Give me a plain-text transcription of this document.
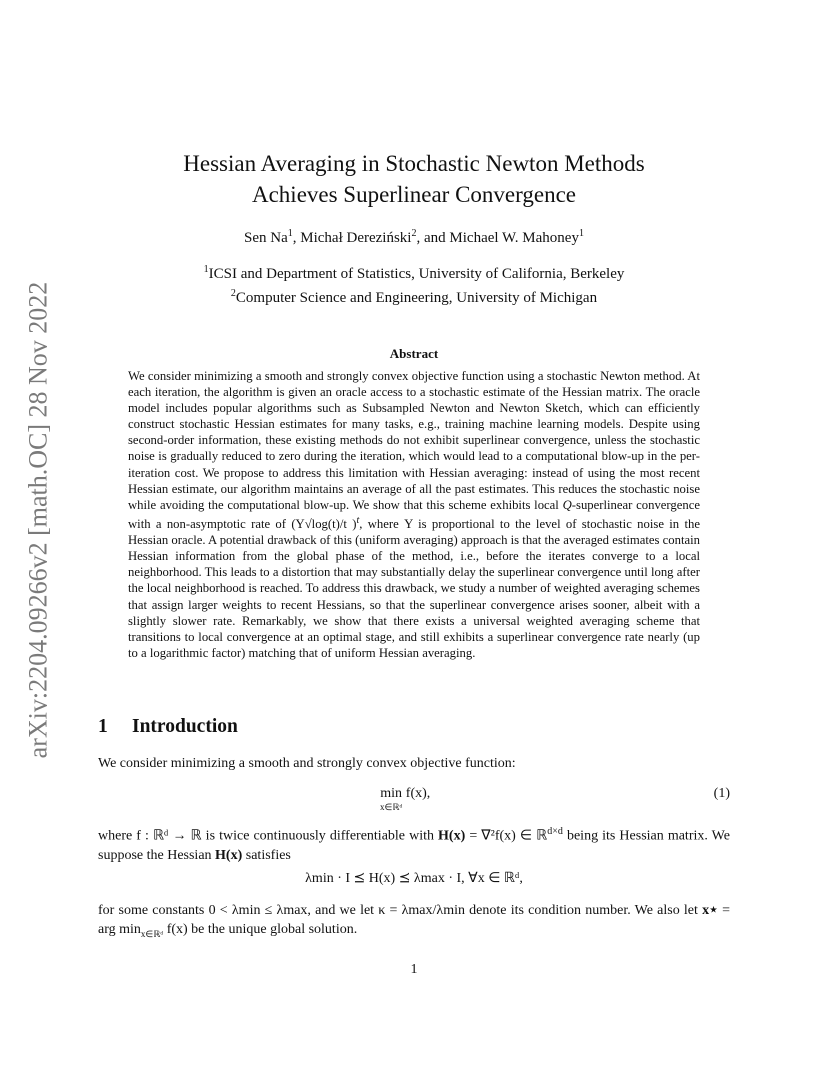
arXiv:2204.09266v2 [math.OC] 28 Nov 2022
Hessian Averaging in Stochastic Newton Methods
Achieves Superlinear Convergence
Sen Na$^1$, Michał Dereziński$^2$, and Michael W. Mahoney$^1$
$^1$ICSI and Department of Statistics, University of California, Berkeley
$^2$Computer Science and Engineering, University of Michigan
Abstract
We consider minimizing a smooth and strongly convex objective function using a stochastic Newton method. At each iteration, the algorithm is given an oracle access to a stochastic estimate of the Hessian matrix. The oracle model includes popular algorithms such as Subsampled Newton and Newton Sketch, which can efficiently construct stochastic Hessian estimates for many tasks, e.g., training machine learning models. Despite using second-order information, these existing methods do not exhibit superlinear convergence, unless the stochastic noise is gradually reduced to zero during the iteration, which would lead to a computational blow-up in the per-iteration cost. We propose to address this limitation with Hessian averaging: instead of using the most recent Hessian estimate, our algorithm maintains an average of all the past estimates. This reduces the stochastic noise while avoiding the computational blow-up. We show that this scheme exhibits local Q-superlinear convergence with a non-asymptotic rate of (Υ√log(t)/t )$^t$, where Υ is proportional to the level of stochastic noise in the Hessian oracle. A potential drawback of this (uniform averaging) approach is that the averaged estimates contain Hessian information from the global phase of the method, i.e., before the iterates converge to a local neighborhood. This leads to a distortion that may substantially delay the superlinear convergence until long after the local neighborhood is reached. To address this drawback, we study a number of weighted averaging schemes that assign larger weights to recent Hessians, so that the superlinear convergence arises sooner, albeit with a slightly slower rate. Remarkably, we show that there exists a universal weighted averaging scheme that transitions to local convergence at an optimal stage, and still exhibits a superlinear convergence rate nearly (up to a logarithmic factor) matching that of uniform Hessian averaging.
1 Introduction
We consider minimizing a smooth and strongly convex objective function:
min
x∈ℝᵈ
f(x),	(1)
where f : ℝᵈ → ℝ is twice continuously differentiable with H(x) = ∇²f(x) ∈ ℝ$^{d\times d}$ being its Hessian matrix. We suppose the Hessian H(x) satisfies
λmin · I ⪯ H(x) ⪯ λmax · I, ∀x ∈ ℝᵈ,
for some constants 0 < λmin ≤ λmax, and we let κ = λmax/λmin denote its condition number. We also let x⋆ = arg $\min_{x\in ℝᵈ} f(x)$ be the unique global solution.
1
